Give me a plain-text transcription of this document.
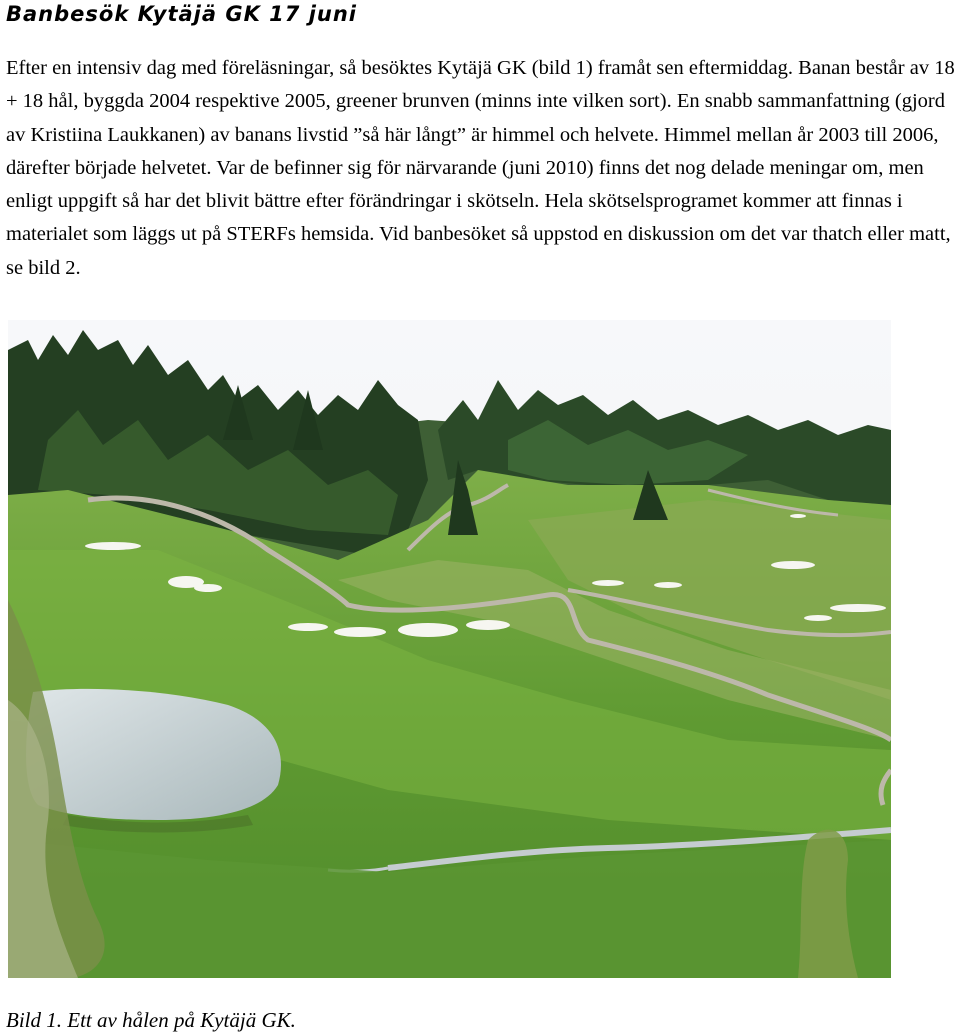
Banbesök Kytäjä GK 17 juni

Efter en intensiv dag med föreläsningar, så besöktes Kytäjä GK (bild 1) framåt sen eftermiddag. Banan består av 18 + 18 hål, byggda 2004 respektive 2005, greener brunven (minns inte vilken sort). En snabb sammanfattning (gjord av Kristiina Laukkanen) av banans livstid ”så här långt” är himmel och helvete. Himmel mellan år 2003 till 2006, därefter började helvetet. Var de befinner sig för närvarande (juni 2010) finns det nog delade meningar om, men enligt uppgift så har det blivit bättre efter förändringar i skötseln. Hela skötselsprogramet kommer att finnas i materialet som läggs ut på STERFs hemsida. Vid banbesöket så uppstod en diskussion om det var thatch eller matt, se bild 2.

Bild 1. Ett av hålen på Kytäjä GK.
